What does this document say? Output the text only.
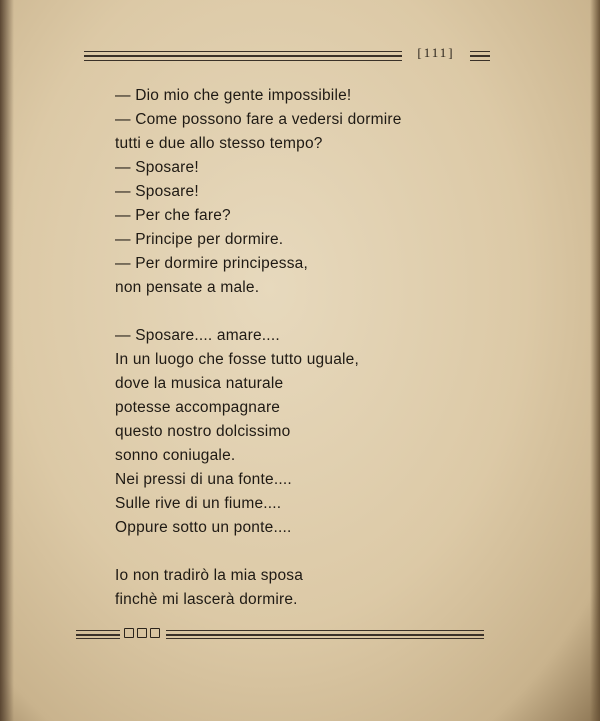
[111]
— Dio mio che gente impossibile!
— Come possono fare a vedersi dormire
tutti e due allo stesso tempo?
— Sposare!
— Sposare!
— Per che fare?
— Principe per dormire.
— Per dormire principessa,
non pensate a male.
— Sposare.... amare....
In un luogo che fosse tutto uguale,
dove la musica naturale
potesse accompagnare
questo nostro dolcissimo
sonno coniugale.
Nei pressi di una fonte....
Sulle rive di un fiume....
Oppure sotto un ponte....
Io non tradirò la mia sposa
finchè mi lascerà dormire.
